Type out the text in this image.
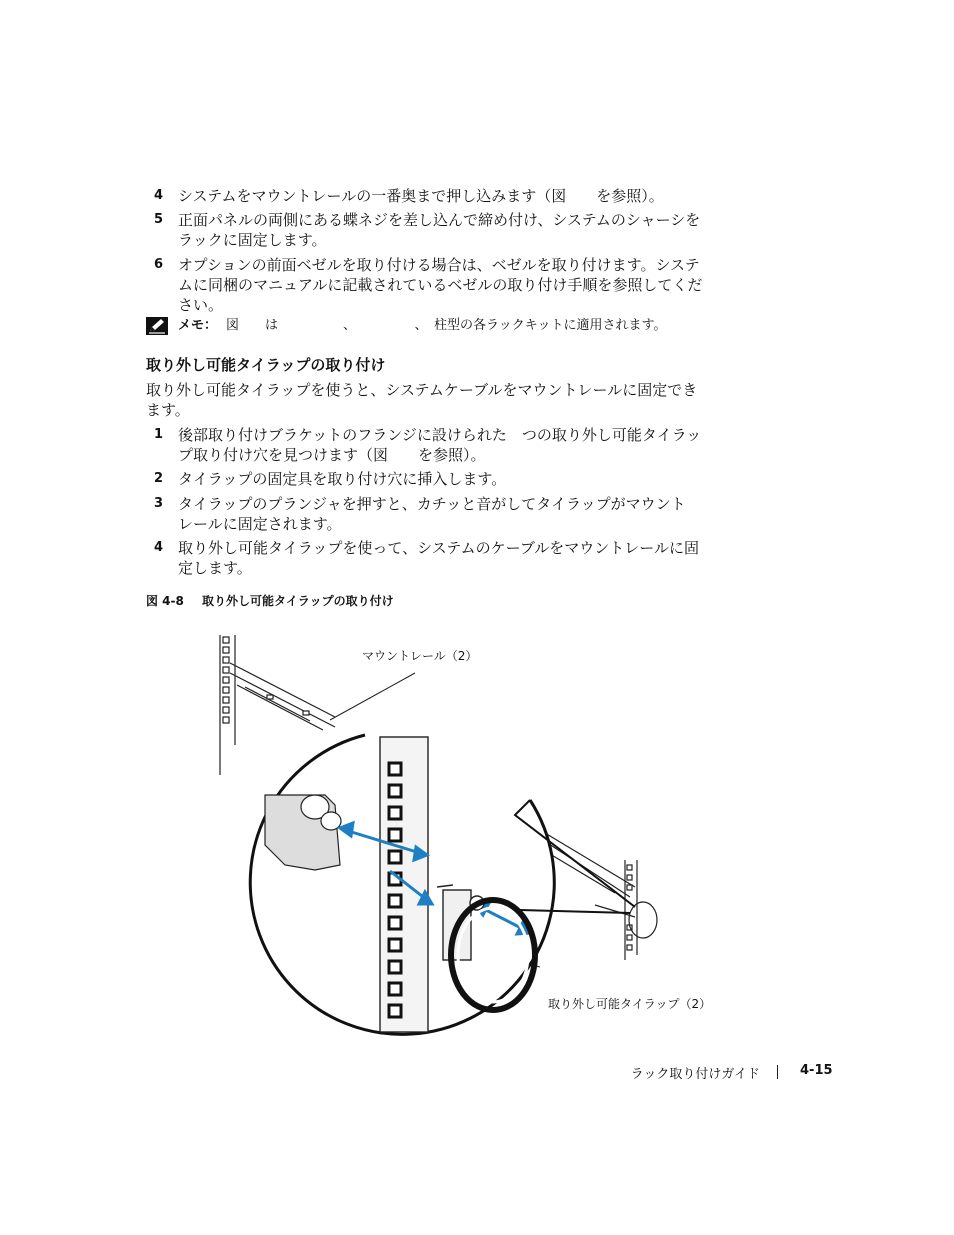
4 システムをマウントレールの一番奥まで押し込みます（図　　を参照）。
5 正面パネルの両側にある蝶ネジを差し込んで締め付け、システムのシャーシを
ラックに固定します。
6 オプションの前面ベゼルを取り付ける場合は、ベゼルを取り付けます。システ
ムに同梱のマニュアルに記載されているベゼルの取り付け手順を参照してくだ
さい。
メモ： 図　　は　　　　　、　　　　　、　柱型の各ラックキットに適用されます。
取り外し可能タイラップの取り付け
取り外し可能タイラップを使うと、システムケーブルをマウントレールに固定でき
ます。
1 後部取り付けブラケットのフランジに設けられた　つの取り外し可能タイラッ
プ取り付け穴を見つけます（図　　を参照）。
2 タイラップの固定具を取り付け穴に挿入します。
3 タイラップのプランジャを押すと、カチッと音がしてタイラップがマウント
レールに固定されます。
4 取り外し可能タイラップを使って、システムのケーブルをマウントレールに固
定します。
図 4-8 取り外し可能タイラップの取り付け
マウントレール（2）
取り外し可能タイラップ（2）
ラック取り付けガイド	4-15
